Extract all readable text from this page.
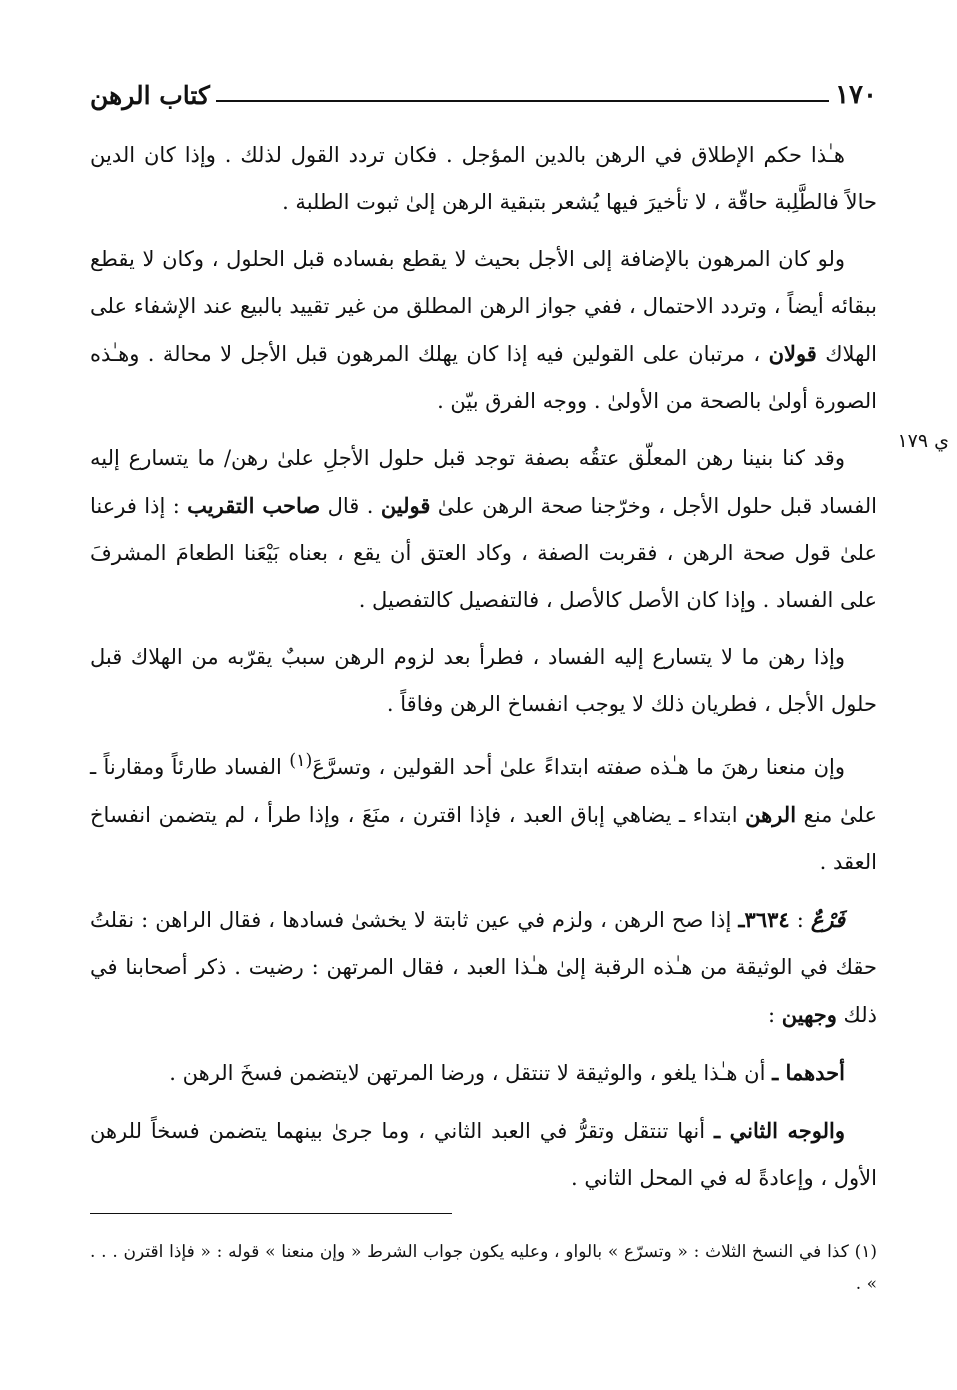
١٧٠
كتاب الرهن
ي ١٧٩

هـٰذا حكم الإطلاق في الرهن بالدين المؤجل . فكان تردد القول لذلك . وإذا كان الدين حالاً فالطَّلِبة حاقّة ، لا تأخيرَ فيها يُشعر بتبقية الرهن إلىٰ ثبوت الطلبة .

ولو كان المرهون بالإضافة إلى الأجل بحيث لا يقطع بفساده قبل الحلول ، وكان لا يقطع ببقائه أيضاً ، وتردد الاحتمال ، ففي جواز الرهن المطلق من غير تقييد بالبيع عند الإشفاء على الهلاك قولان ، مرتبان على القولين فيه إذا كان يهلك المرهون قبل الأجل لا محالة . وهـٰذه الصورة أولىٰ بالصحة من الأولىٰ . ووجه الفرق بيّن .

وقد كنا بنينا رهن المعلّق عتقُه بصفة توجد قبل حلول الأجلِ علىٰ رهن/ ما يتسارع إليه الفساد قبل حلول الأجل ، وخرّجنا صحة الرهن علىٰ قولين . قال صاحب التقريب : إذا فرعنا علىٰ قول صحة الرهن ، فقربت الصفة ، وكاد العتق أن يقع ، بعناه بَيْعَنا الطعامَ المشرفَ على الفساد . وإذا كان الأصل كالأصل ، فالتفصيل كالتفصيل .

وإذا رهن ما لا يتسارع إليه الفساد ، فطرأ بعد لزوم الرهن سببٌ يقرّبه من الهلاك قبل حلول الأجل ، فطريان ذلك لا يوجب انفساخ الرهن وفاقاً .

وإن منعنا رهنَ ما هـٰذه صفته ابتداءً علىٰ أحد القولين ، وتسرَّعَ$^{(١)}$ الفساد طارئاً ومقارناً ـ علىٰ منع الرهن ابتداء ـ يضاهي إباق العبد ، فإذا اقترن ، منَعَ ، وإذا طرأ ، لم يتضمن انفساخ العقد .

فَرْعٌ : ٣٦٣٤ـ إذا صح الرهن ، ولزم في عين ثابتة لا يخشىٰ فسادها ، فقال الراهن : نقلتُ حقك في الوثيقة من هـٰذه الرقبة إلىٰ هـٰذا العبد ، فقال المرتهن : رضيت . ذكر أصحابنا في ذلك وجهين :

أحدهما ـ أن هـٰذا يلغو ، والوثيقة لا تنتقل ، ورضا المرتهن لايتضمن فسخَ الرهن .

والوجه الثاني ـ أنها تنتقل وتقرُّ في العبد الثاني ، وما جرىٰ بينهما يتضمن فسخاً للرهن الأول ، وإعادةً له في المحل الثاني .

(١) كذا في النسخ الثلاث : « وتسرّع » بالواو ، وعليه يكون جواب الشرط « وإن منعنا » قوله : « فإذا اقترن . . . » .
